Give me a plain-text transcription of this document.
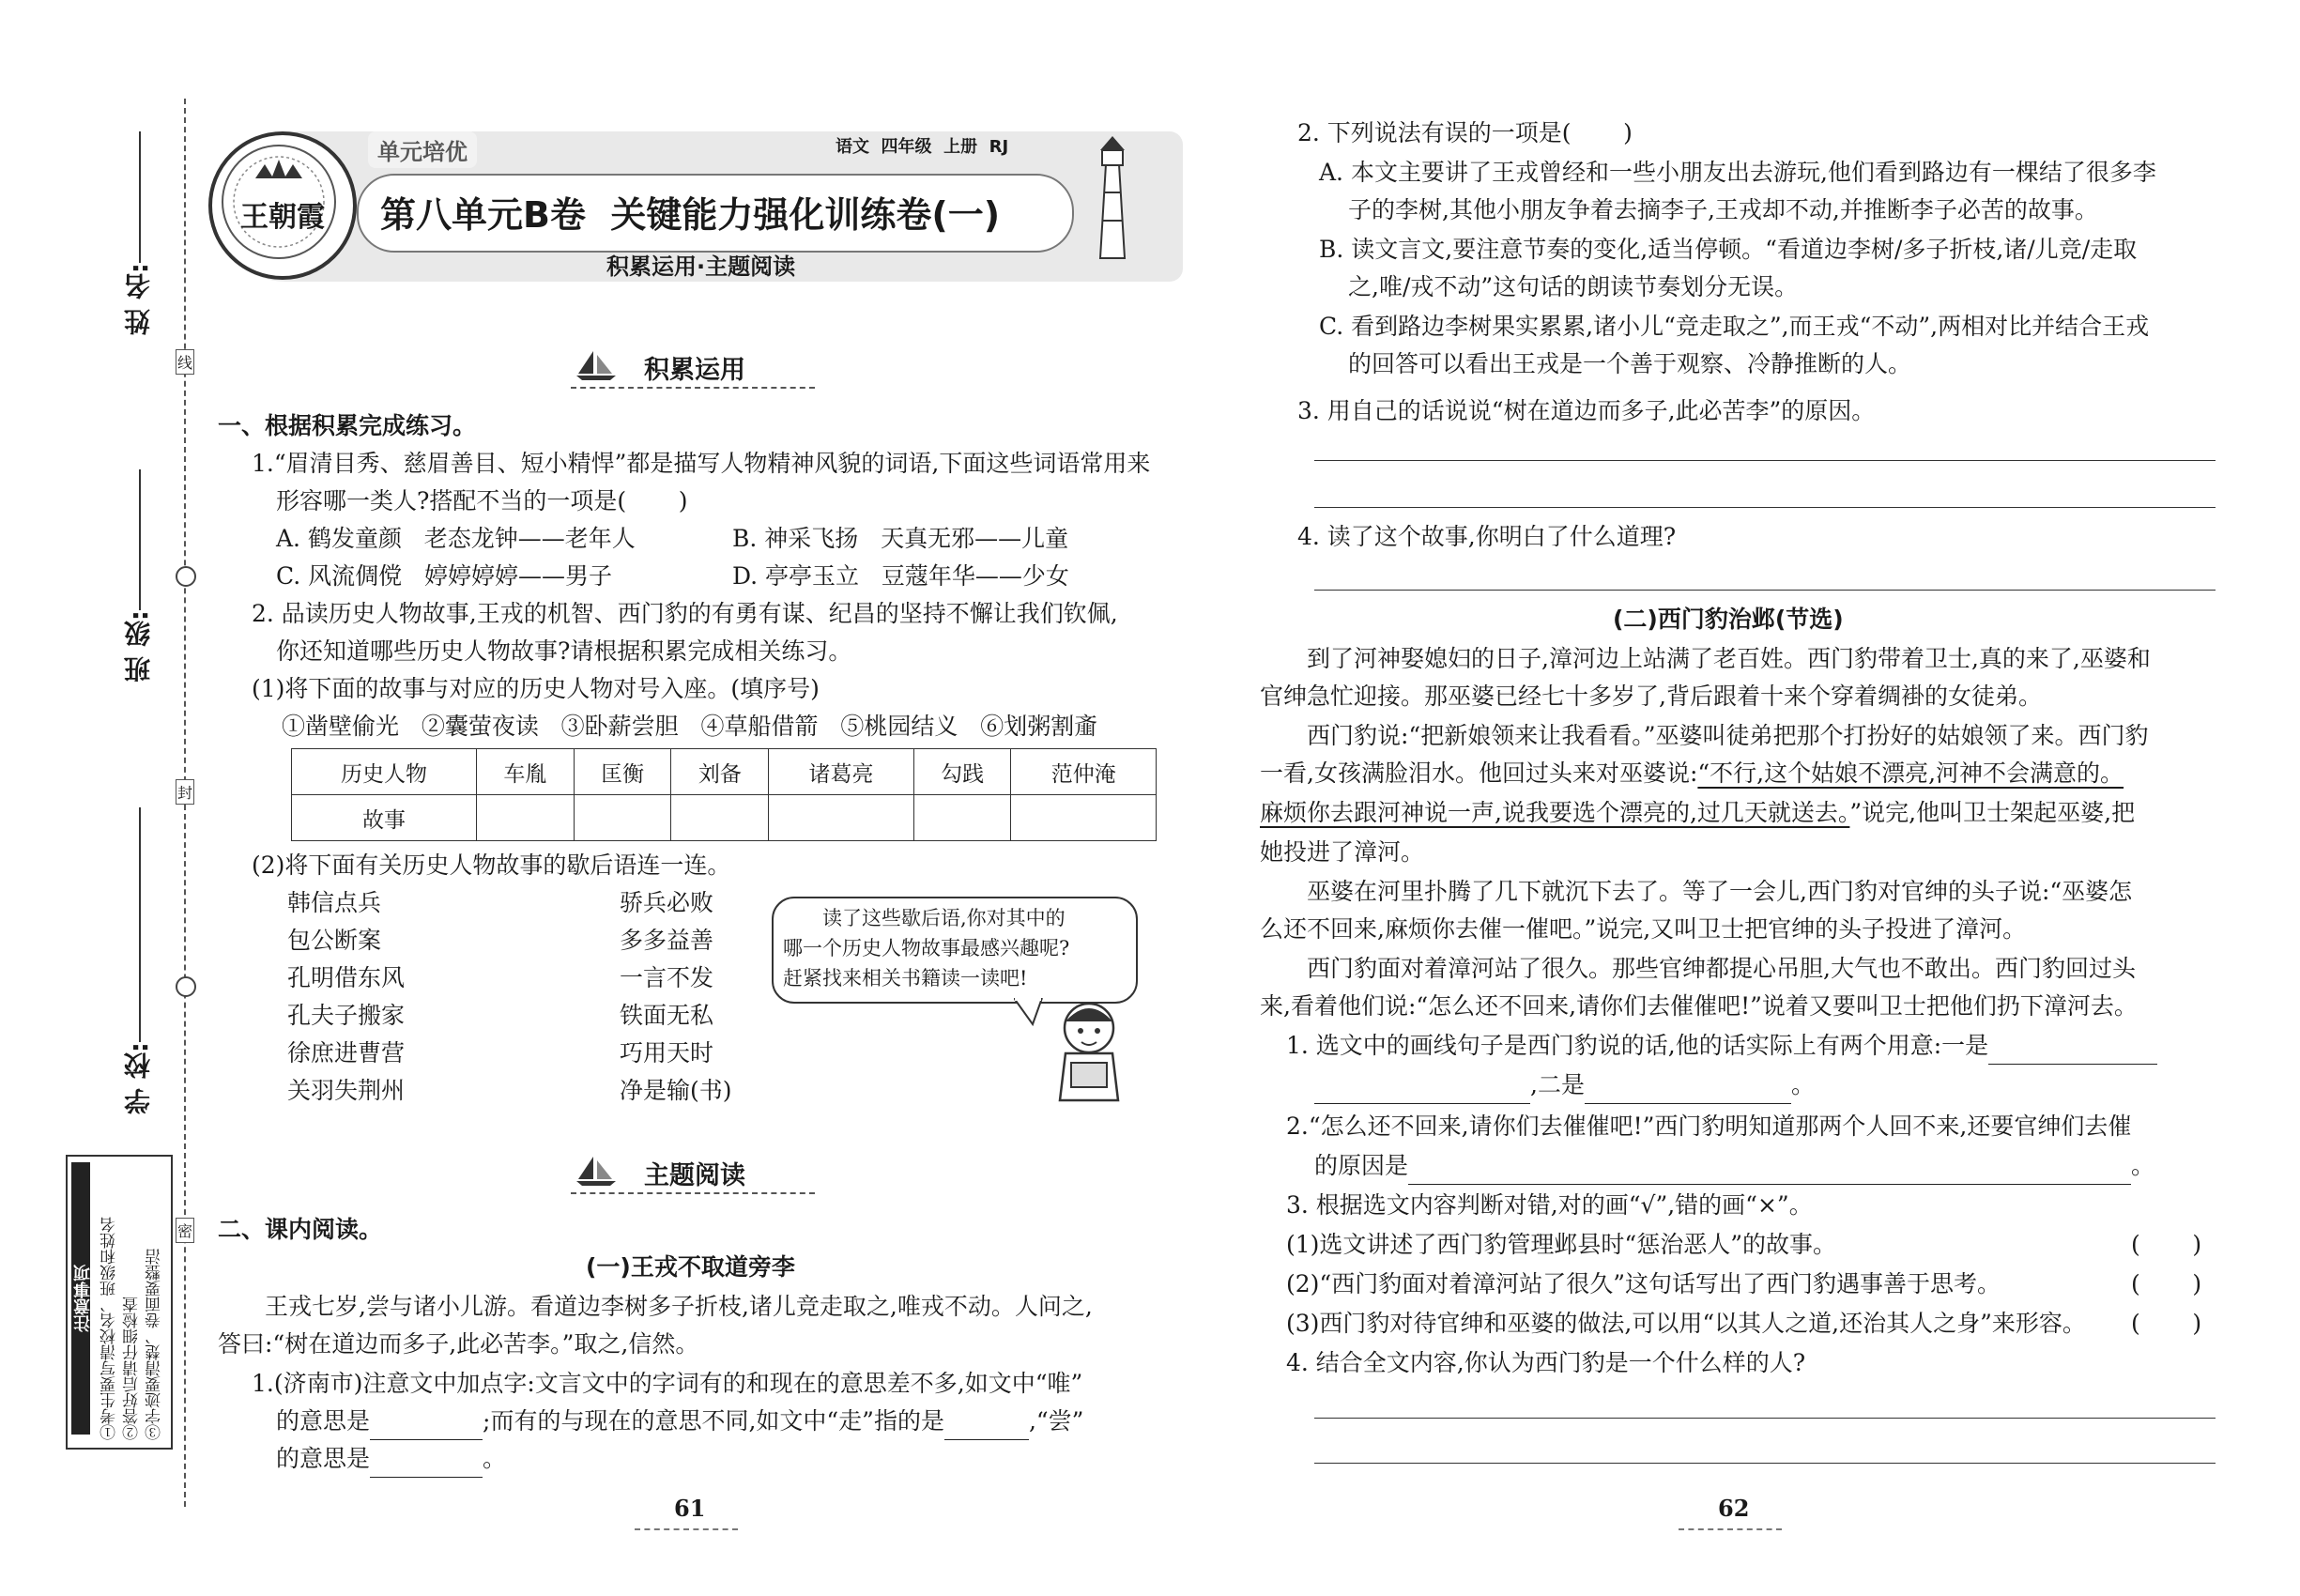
姓 名:
班 级:
学 校:
线
封
密
注意事项 ①考生要写清校名、班级和姓名 ②答好后请仔细检查 ③字迹要清楚、卷面要整洁
王朝霞
单元培优	语文  四年级  上册  RJ
第八单元B卷  关键能力强化训练卷(一)
积累运用·主题阅读
积累运用
一、根据积累完成练习。
1.“眉清目秀、慈眉善目、短小精悍”都是描写人物精神风貌的词语,下面这些词语常用来
形容哪一类人?搭配不当的一项是(       )
A. 鹤发童颜   老态龙钟——老年人	B. 神采飞扬   天真无邪——儿童
C. 风流倜傥   婷婷婷婷——男子	D. 亭亭玉立   豆蔻年华——少女
2. 品读历史人物故事,王戎的机智、西门豹的有勇有谋、纪昌的坚持不懈让我们钦佩,
你还知道哪些历史人物故事?请根据积累完成相关练习。
(1)将下面的故事与对应的历史人物对号入座。(填序号)
①凿壁偷光   ②囊萤夜读   ③卧薪尝胆   ④草船借箭   ⑤桃园结义   ⑥划粥割齑
历史人物	车胤	匡衡	刘备	诸葛亮	勾践	范仲淹
故事						
(2)将下面有关历史人物故事的歇后语连一连。
韩信点兵
包公断案
孔明借东风
孔夫子搬家
徐庶进曹营
关羽失荆州
骄兵必败
多多益善
一言不发
铁面无私
巧用天时
净是输(书)
读了这些歇后语,你对其中的
哪一个历史人物故事最感兴趣呢?
赶紧找来相关书籍读一读吧!
主题阅读
二、课内阅读。
(一)王戎不取道旁李
王戎七岁,尝与诸小儿游。看道边李树多子折枝,诸儿竞走取之,唯戎不动。人问之,
答曰:“树在道边而多子,此必苦李。”取之,信然。
1.(济南市)注意文中加点字:文言文中的字词有的和现在的意思差不多,如文中“唯”
的意思是	;而有的与现在的意思不同,如文中“走”指的是	,“尝”
的意思是	。
61
2. 下列说法有误的一项是(       )
A. 本文主要讲了王戎曾经和一些小朋友出去游玩,他们看到路边有一棵结了很多李
子的李树,其他小朋友争着去摘李子,王戎却不动,并推断李子必苦的故事。
B. 读文言文,要注意节奏的变化,适当停顿。“看道边李树/多子折枝,诸/儿竞/走取
之,唯/戎不动”这句话的朗读节奏划分无误。
C. 看到路边李树果实累累,诸小儿“竞走取之”,而王戎“不动”,两相对比并结合王戎
的回答可以看出王戎是一个善于观察、冷静推断的人。
3. 用自己的话说说“树在道边而多子,此必苦李”的原因。
4. 读了这个故事,你明白了什么道理?
(二)西门豹治邺(节选)
到了河神娶媳妇的日子,漳河边上站满了老百姓。西门豹带着卫士,真的来了,巫婆和
官绅急忙迎接。那巫婆已经七十多岁了,背后跟着十来个穿着绸褂的女徒弟。
西门豹说:“把新娘领来让我看看。”巫婆叫徒弟把那个打扮好的姑娘领了来。西门豹
一看,女孩满脸泪水。他回过头来对巫婆说:“不行,这个姑娘不漂亮,河神不会满意的。
麻烦你去跟河神说一声,说我要选个漂亮的,过几天就送去。”说完,他叫卫士架起巫婆,把
她投进了漳河。
巫婆在河里扑腾了几下就沉下去了。等了一会儿,西门豹对官绅的头子说:“巫婆怎
么还不回来,麻烦你去催一催吧。”说完,又叫卫士把官绅的头子投进了漳河。
西门豹面对着漳河站了很久。那些官绅都提心吊胆,大气也不敢出。西门豹回过头
来,看着他们说:“怎么还不回来,请你们去催催吧!”说着又要叫卫士把他们扔下漳河去。
1. 选文中的画线句子是西门豹说的话,他的话实际上有两个用意:一是
,二是	。
2.“怎么还不回来,请你们去催催吧!”西门豹明知道那两个人回不来,还要官绅们去催
的原因是	。
3. 根据选文内容判断对错,对的画“√”,错的画“×”。
(1)选文讲述了西门豹管理邺县时“惩治恶人”的故事。	(       )
(2)“西门豹面对着漳河站了很久”这句话写出了西门豹遇事善于思考。	(       )
(3)西门豹对待官绅和巫婆的做法,可以用“以其人之道,还治其人之身”来形容。 (       )
4. 结合全文内容,你认为西门豹是一个什么样的人?
62
